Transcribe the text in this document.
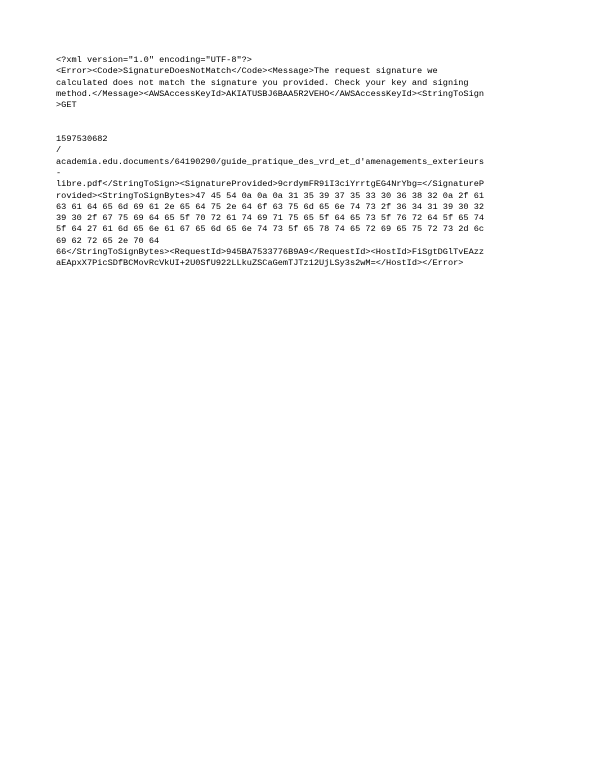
<?xml version="1.0" encoding="UTF-8"?>
<Error><Code>SignatureDoesNotMatch</Code><Message>The request signature we
calculated does not match the signature you provided. Check your key and signing
method.</Message><AWSAccessKeyId>AKIATUSBJ6BAA5R2VEHO</AWSAccessKeyId><StringToSign
>GET
1597530682
/
academia.edu.documents/64190290/guide_pratique_des_vrd_et_d'amenagements_exterieurs
-
libre.pdf</StringToSign><SignatureProvided>9crdymFR9iI3ciYrrtgEG4NrYbg=</SignatureP
rovided><StringToSignBytes>47 45 54 0a 0a 0a 31 35 39 37 35 33 30 36 38 32 0a 2f 61
63 61 64 65 6d 69 61 2e 65 64 75 2e 64 6f 63 75 6d 65 6e 74 73 2f 36 34 31 39 30 32
39 30 2f 67 75 69 64 65 5f 70 72 61 74 69 71 75 65 5f 64 65 73 5f 76 72 64 5f 65 74
5f 64 27 61 6d 65 6e 61 67 65 6d 65 6e 74 73 5f 65 78 74 65 72 69 65 75 72 73 2d 6c
69 62 72 65 2e 70 64
66</StringToSignBytes><RequestId>945BA7533776B9A9</RequestId><HostId>FiSgtDGlTvEAzz
aEApxX7PicSDfBCMovRcVkUI+2U0SfU922LLkuZSCaGemTJTz12UjLSy3s2wM=</HostId></Error>
